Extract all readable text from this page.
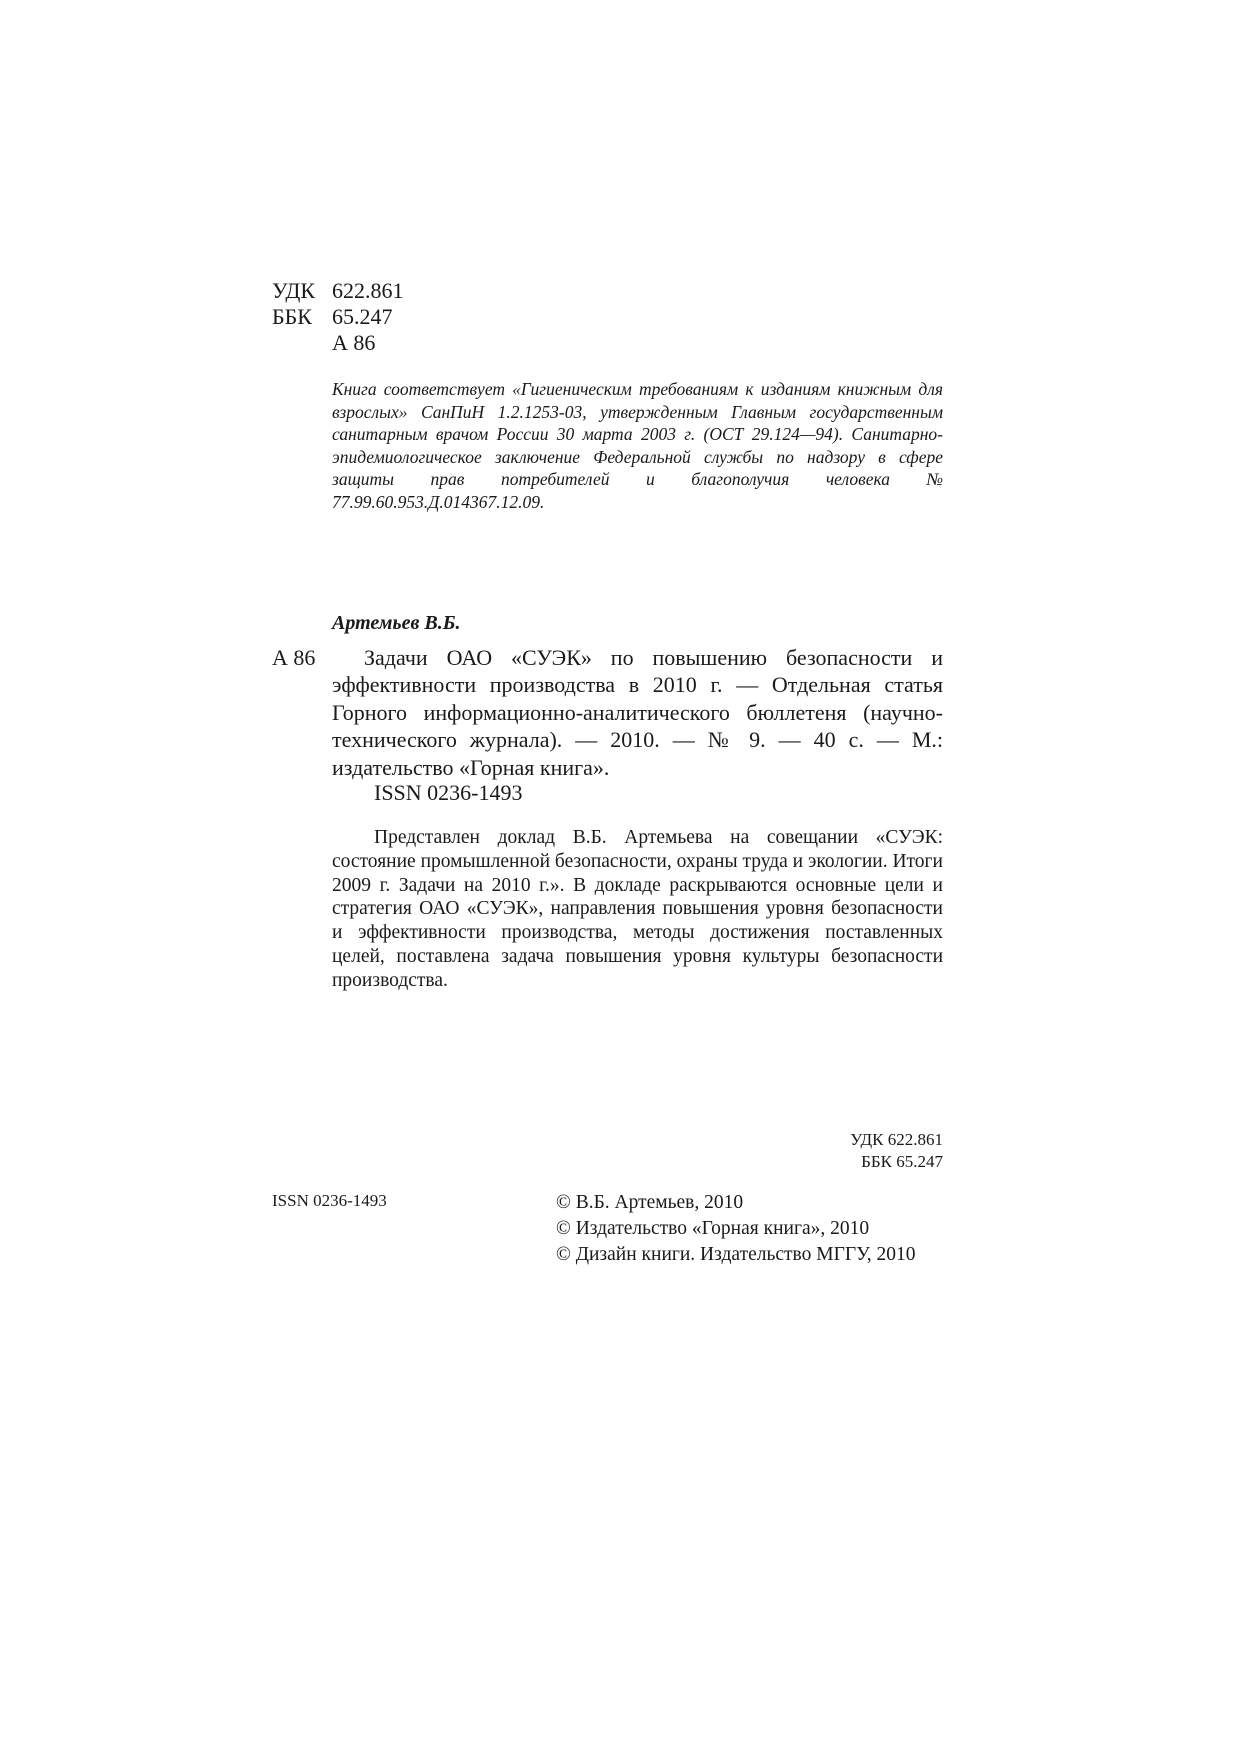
УДК 622.861
ББК 65.247
А 86
Книга соответствует «Гигиеническим требованиям к изданиям книжным для взрослых» СанПиН 1.2.1253-03, утвержденным Главным государственным санитарным врачом России 30 марта 2003 г. (ОСТ 29.124—94). Санитарно-эпидемиологическое заключение Федеральной службы по надзору в сфере защиты прав потребителей и благополучия человека № 77.99.60.953.Д.014367.12.09.
Артемьев В.Б.
А 86	Задачи ОАО «СУЭК» по повышению безопасности и эффективности производства в 2010 г. — Отдельная статья Горного информационно-аналитического бюллетеня (научно-технического журнала). — 2010. — № 9. — 40 с. — М.: издательство «Горная книга».
ISSN 0236-1493
Представлен доклад В.Б. Артемьева на совещании «СУЭК: состояние промышленной безопасности, охраны труда и экологии. Итоги 2009 г. Задачи на 2010 г.». В докладе раскрываются основные цели и стратегия ОАО «СУЭК», направления повышения уровня безопасности и эффективности производства, методы достижения поставленных целей, поставлена задача повышения уровня культуры безопасности производства.
УДК 622.861
ББК 65.247
ISSN 0236-1493	© В.Б. Артемьев, 2010
© Издательство «Горная книга», 2010
© Дизайн книги. Издательство МГГУ, 2010
